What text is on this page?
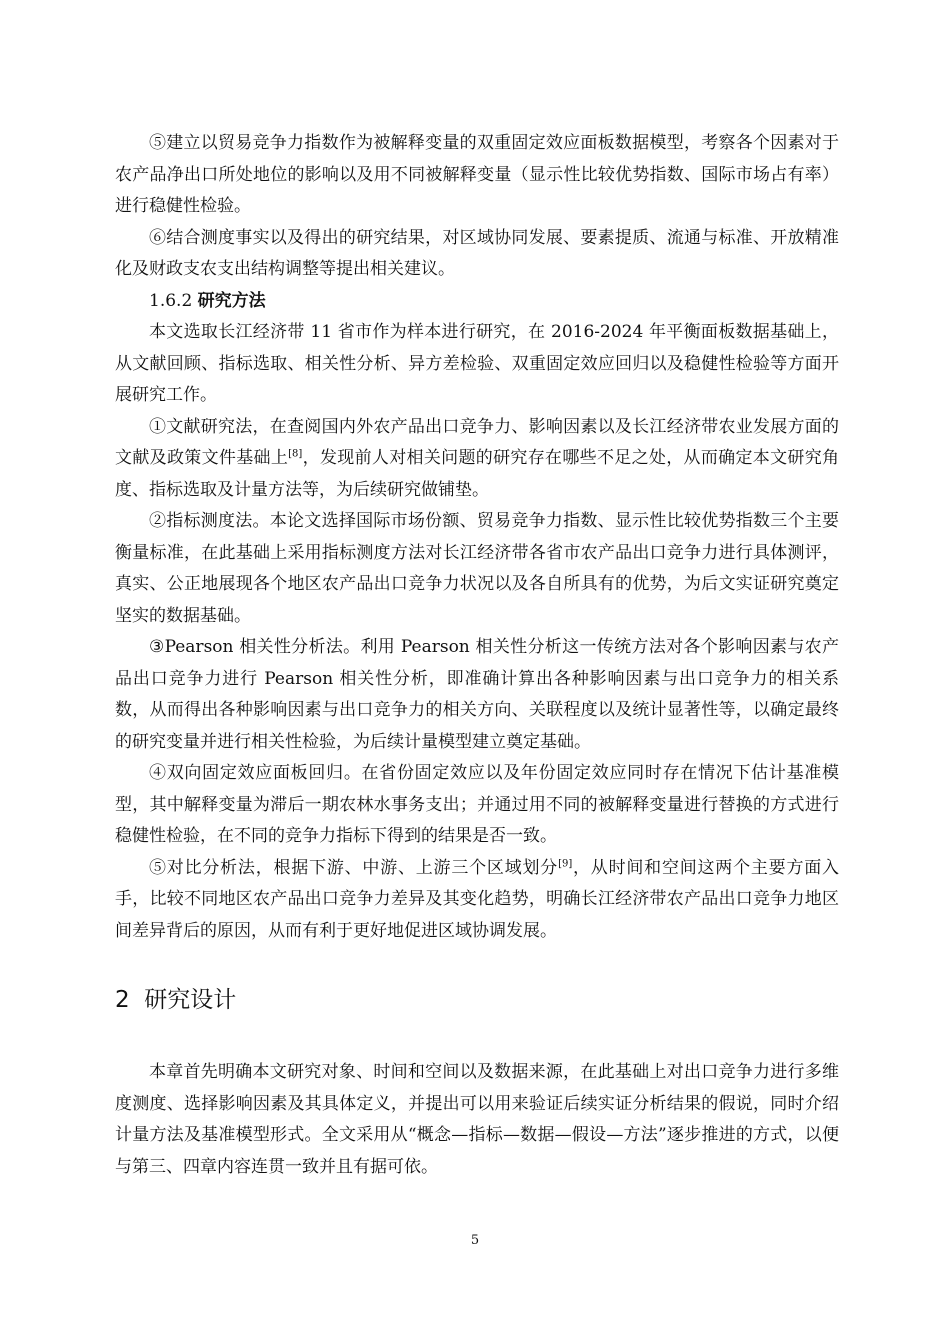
⑤建立以贸易竞争力指数作为被解释变量的双重固定效应面板数据模型，考察各个因素对于农产品净出口所处地位的影响以及用不同被解释变量（显示性比较优势指数、国际市场占有率）进行稳健性检验。

⑥结合测度事实以及得出的研究结果，对区域协同发展、要素提质、流通与标准、开放精准化及财政支农支出结构调整等提出相关建议。

1.6.2 研究方法

本文选取长江经济带 11 省市作为样本进行研究，在 2016-2024 年平衡面板数据基础上，从文献回顾、指标选取、相关性分析、异方差检验、双重固定效应回归以及稳健性检验等方面开展研究工作。

①文献研究法，在查阅国内外农产品出口竞争力、影响因素以及长江经济带农业发展方面的文献及政策文件基础上[8]，发现前人对相关问题的研究存在哪些不足之处，从而确定本文研究角度、指标选取及计量方法等，为后续研究做铺垫。

②指标测度法。本论文选择国际市场份额、贸易竞争力指数、显示性比较优势指数三个主要衡量标准，在此基础上采用指标测度方法对长江经济带各省市农产品出口竞争力进行具体测评，真实、公正地展现各个地区农产品出口竞争力状况以及各自所具有的优势，为后文实证研究奠定坚实的数据基础。

③Pearson 相关性分析法。利用 Pearson 相关性分析这一传统方法对各个影响因素与农产品出口竞争力进行 Pearson 相关性分析，即准确计算出各种影响因素与出口竞争力的相关系数，从而得出各种影响因素与出口竞争力的相关方向、关联程度以及统计显著性等，以确定最终的研究变量并进行相关性检验，为后续计量模型建立奠定基础。

④双向固定效应面板回归。在省份固定效应以及年份固定效应同时存在情况下估计基准模型，其中解释变量为滞后一期农林水事务支出；并通过用不同的被解释变量进行替换的方式进行稳健性检验，在不同的竞争力指标下得到的结果是否一致。

⑤对比分析法，根据下游、中游、上游三个区域划分[9]，从时间和空间这两个主要方面入手，比较不同地区农产品出口竞争力差异及其变化趋势，明确长江经济带农产品出口竞争力地区间差异背后的原因，从而有利于更好地促进区域协调发展。

2 研究设计

本章首先明确本文研究对象、时间和空间以及数据来源，在此基础上对出口竞争力进行多维度测度、选择影响因素及其具体定义，并提出可以用来验证后续实证分析结果的假说，同时介绍计量方法及基准模型形式。全文采用从“概念—指标—数据—假设—方法”逐步推进的方式，以便与第三、四章内容连贯一致并且有据可依。

5
